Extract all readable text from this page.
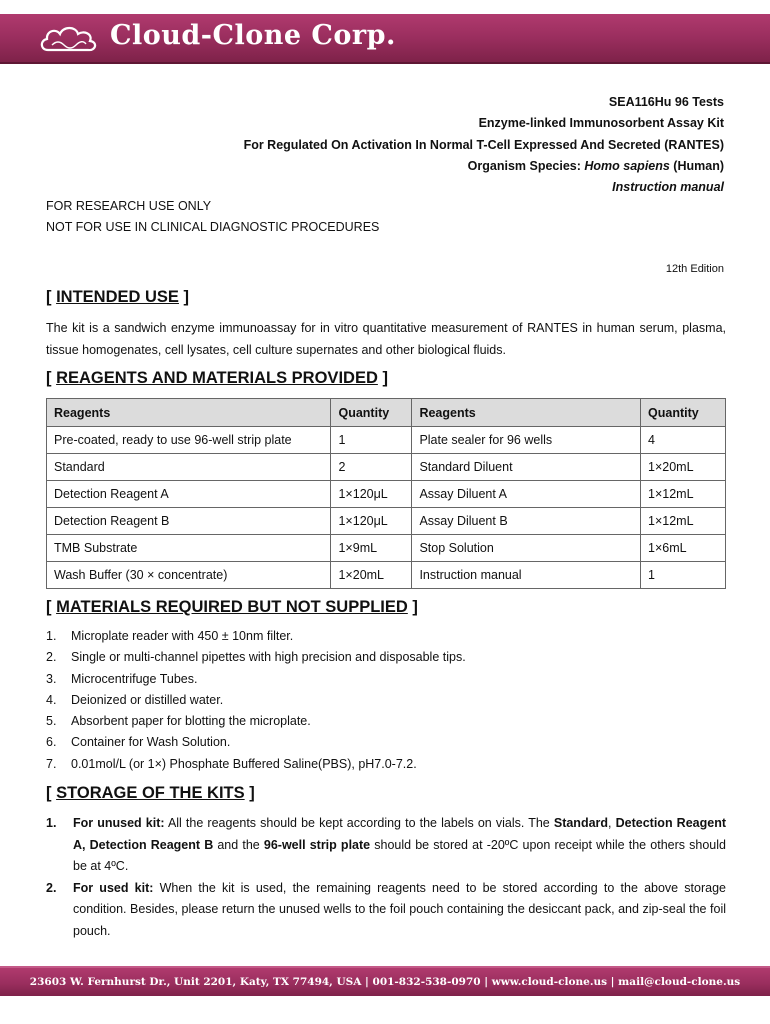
Cloud-Clone Corp.
SEA116Hu 96 Tests
Enzyme-linked Immunosorbent Assay Kit
For Regulated On Activation In Normal T-Cell Expressed And Secreted (RANTES)
Organism Species: Homo sapiens (Human)
Instruction manual
FOR RESEARCH USE ONLY
NOT FOR USE IN CLINICAL DIAGNOSTIC PROCEDURES
12th Edition
[ INTENDED USE ]
The kit is a sandwich enzyme immunoassay for in vitro quantitative measurement of RANTES in human serum, plasma, tissue homogenates, cell lysates, cell culture supernates and other biological fluids.
[ REAGENTS AND MATERIALS PROVIDED ]
Reagents	Quantity	Reagents	Quantity
Pre-coated, ready to use 96-well strip plate	1	Plate sealer for 96 wells	4
Standard	2	Standard Diluent	1×20mL
Detection Reagent A	1×120μL	Assay Diluent A	1×12mL
Detection Reagent B	1×120μL	Assay Diluent B	1×12mL
TMB Substrate	1×9mL	Stop Solution	1×6mL
Wash Buffer (30 × concentrate)	1×20mL	Instruction manual	1
[ MATERIALS REQUIRED BUT NOT SUPPLIED ]
1.	Microplate reader with 450 ± 10nm filter.
2.	Single or multi-channel pipettes with high precision and disposable tips.
3.	Microcentrifuge Tubes.
4.	Deionized or distilled water.
5.	Absorbent paper for blotting the microplate.
6.	Container for Wash Solution.
7.	0.01mol/L (or 1×) Phosphate Buffered Saline(PBS), pH7.0-7.2.
[ STORAGE OF THE KITS ]
1.	For unused kit: All the reagents should be kept according to the labels on vials. The Standard, Detection Reagent A, Detection Reagent B and the 96-well strip plate should be stored at -20ºC upon receipt while the others should be at 4ºC.
2.	For used kit: When the kit is used, the remaining reagents need to be stored according to the above storage condition. Besides, please return the unused wells to the foil pouch containing the desiccant pack, and zip-seal the foil pouch.
23603 W. Fernhurst Dr., Unit 2201, Katy, TX 77494, USA | 001-832-538-0970 | www.cloud-clone.us | mail@cloud-clone.us
